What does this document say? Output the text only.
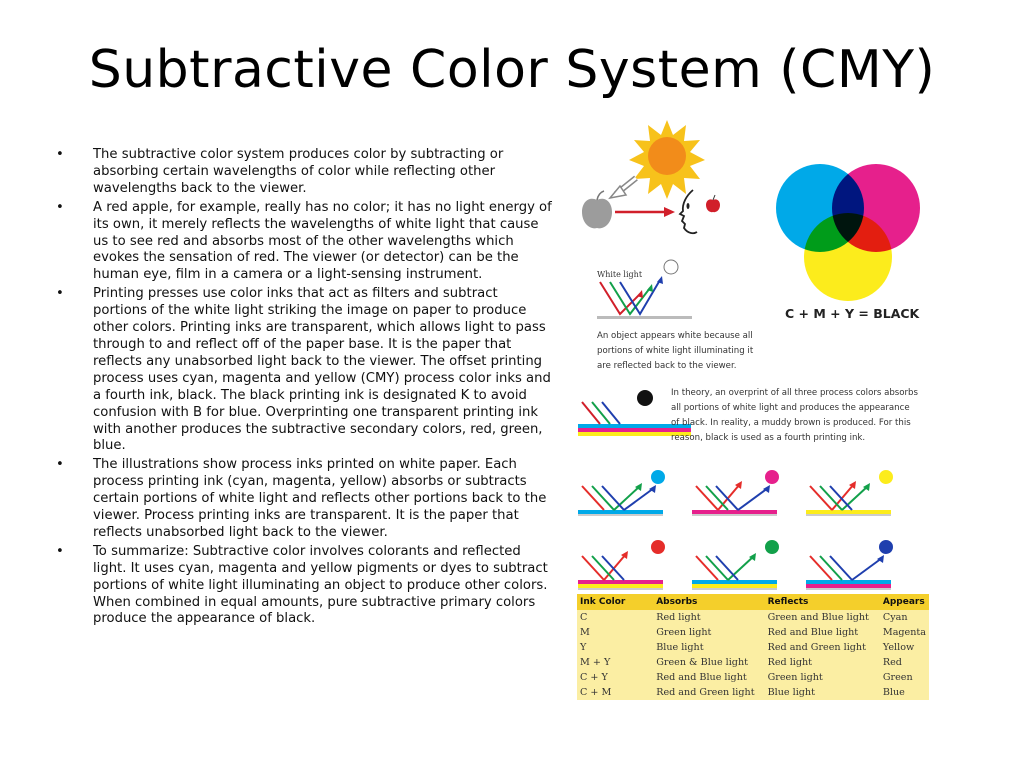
Subtractive Color System (CMY)
• The subtractive color system produces color by subtracting or absorbing certain wavelengths of color while reflecting other wavelengths back to the viewer.
• A red apple, for example, really has no color; it has no light energy of its own, it merely reflects the wavelengths of white light that cause us to see red and absorbs most of the other wavelengths which evokes the sensation of red. The viewer (or detector) can be the human eye, film in a camera or a light-sensing instrument.
• Printing presses use color inks that act as filters and subtract portions of the white light striking the image on paper to produce other colors. Printing inks are transparent, which allows light to pass through to and reflect off of the paper base. It is the paper that reflects any unabsorbed light back to the viewer. The offset printing process uses cyan, magenta and yellow (CMY) process color inks and a fourth ink, black. The black printing ink is designated K to avoid confusion with B for blue. Overprinting one transparent printing ink with another produces the subtractive secondary colors, red, green, blue.
• The illustrations show process inks printed on white paper. Each process printing ink (cyan, magenta, yellow) absorbs or subtracts certain portions of white light and reflects other portions back to the viewer. Process printing inks are transparent. It is the paper that reflects unabsorbed light back to the viewer.
• To summarize: Subtractive color involves colorants and reflected light. It uses cyan, magenta and yellow pigments or dyes to subtract portions of white light illuminating an object to produce other colors. When combined in equal amounts, pure subtractive primary colors produce the appearance of black.
White light
C + M + Y = BLACK
An object appears white because all
portions of white light illuminating it
are reflected back to the viewer.
In theory, an overprint of all three process colors absorbs
all portions of white light and produces the appearance
of black. In reality, a muddy brown is produced. For this
reason, black is used as a fourth printing ink.
Ink Color	Absorbs	Reflects	Appears
C	Red light	Green and Blue light	Cyan
M	Green light	Red and Blue light	Magenta
Y	Blue light	Red and Green light	Yellow
M + Y	Green & Blue light	Red light	Red
C + Y	Red and Blue light	Green light	Green
C + M	Red and Green light	Blue light	Blue
